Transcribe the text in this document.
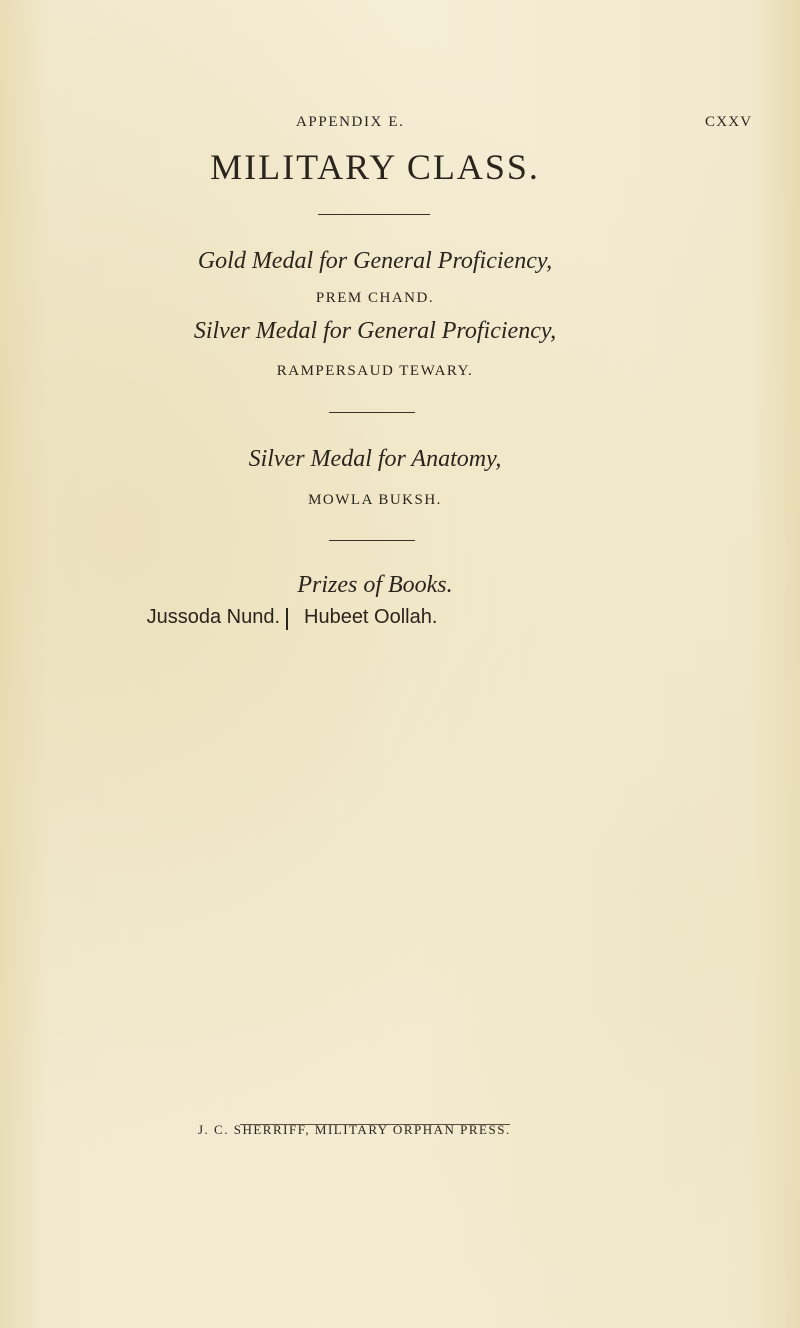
APPENDIX E.	CXXV
MILITARY CLASS.
Gold Medal for General Proficiency,
PREM CHAND.
Silver Medal for General Proficiency,
RAMPERSAUD TEWARY.
Silver Medal for Anatomy,
MOWLA BUKSH.
Prizes of Books.
Jussoda Nund. Hubeet Oollah.
J. C. SHERRIFF, MILITARY ORPHAN PRESS.
